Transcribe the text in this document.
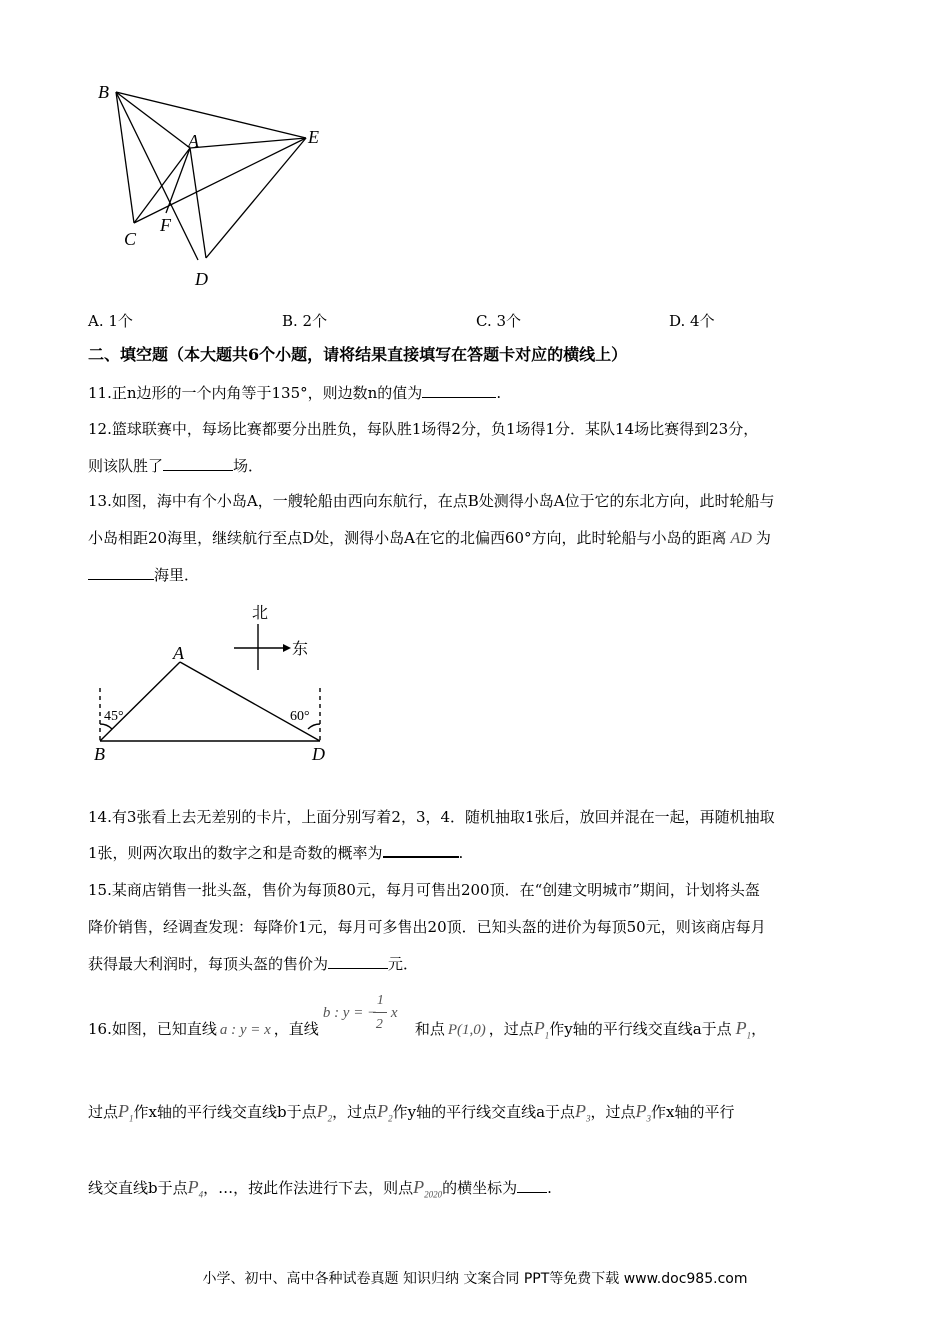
B
A	E
C
F
D
A. 1个	B. 2个	C. 3个	D. 4个
二、填空题（本大题共6个小题，请将结果直接填写在答题卡对应的横线上）
11.正n边形的一个内角等于135°，则边数n的值为	.
12.篮球联赛中，每场比赛都要分出胜负，每队胜1场得2分，负1场得1分．某队14场比赛得到23分，
则该队胜了	场．
13.如图，海中有个小岛A，一艘轮船由西向东航行，在点B处测得小岛A位于它的东北方向，此时轮船与
小岛相距20海里，继续航行至点D处，测得小岛A在它的北偏西60°方向，此时轮船与小岛的距离 AD 为
海里．
北
东
A
B	D
45°	60°
14.有3张看上去无差别的卡片，上面分别写着2，3，4．随机抽取1张后，放回并混在一起，再随机抽取
1张，则两次取出的数字之和是奇数的概率为	.
15.某商店销售一批头盔，售价为每顶80元，每月可售出200顶．在“创建文明城市”期间，计划将头盔
降价销售，经调查发现：每降价1元，每月可多售出20顶．已知头盔的进价为每顶50元，则该商店每月
获得最大利润时，每顶头盔的售价为	元．
16.如图，已知直线 a : y = x ，直线
b : y = −
1
2
x
和点 P(1,0) ，过点$P_1$作y轴的平行线交直线a于点 $P_1$，
过点$P_1$作x轴的平行线交直线b于点$P_2$，过点$P_2$作y轴的平行线交直线a于点$P_3$，过点$P_3$作x轴的平行
线交直线b于点$P_4$，…，按此作法进行下去，则点$P_{2020}$的横坐标为 .
小学、初中、高中各种试卷真题 知识归纳 文案合同 PPT等免费下载 www.doc985.com
